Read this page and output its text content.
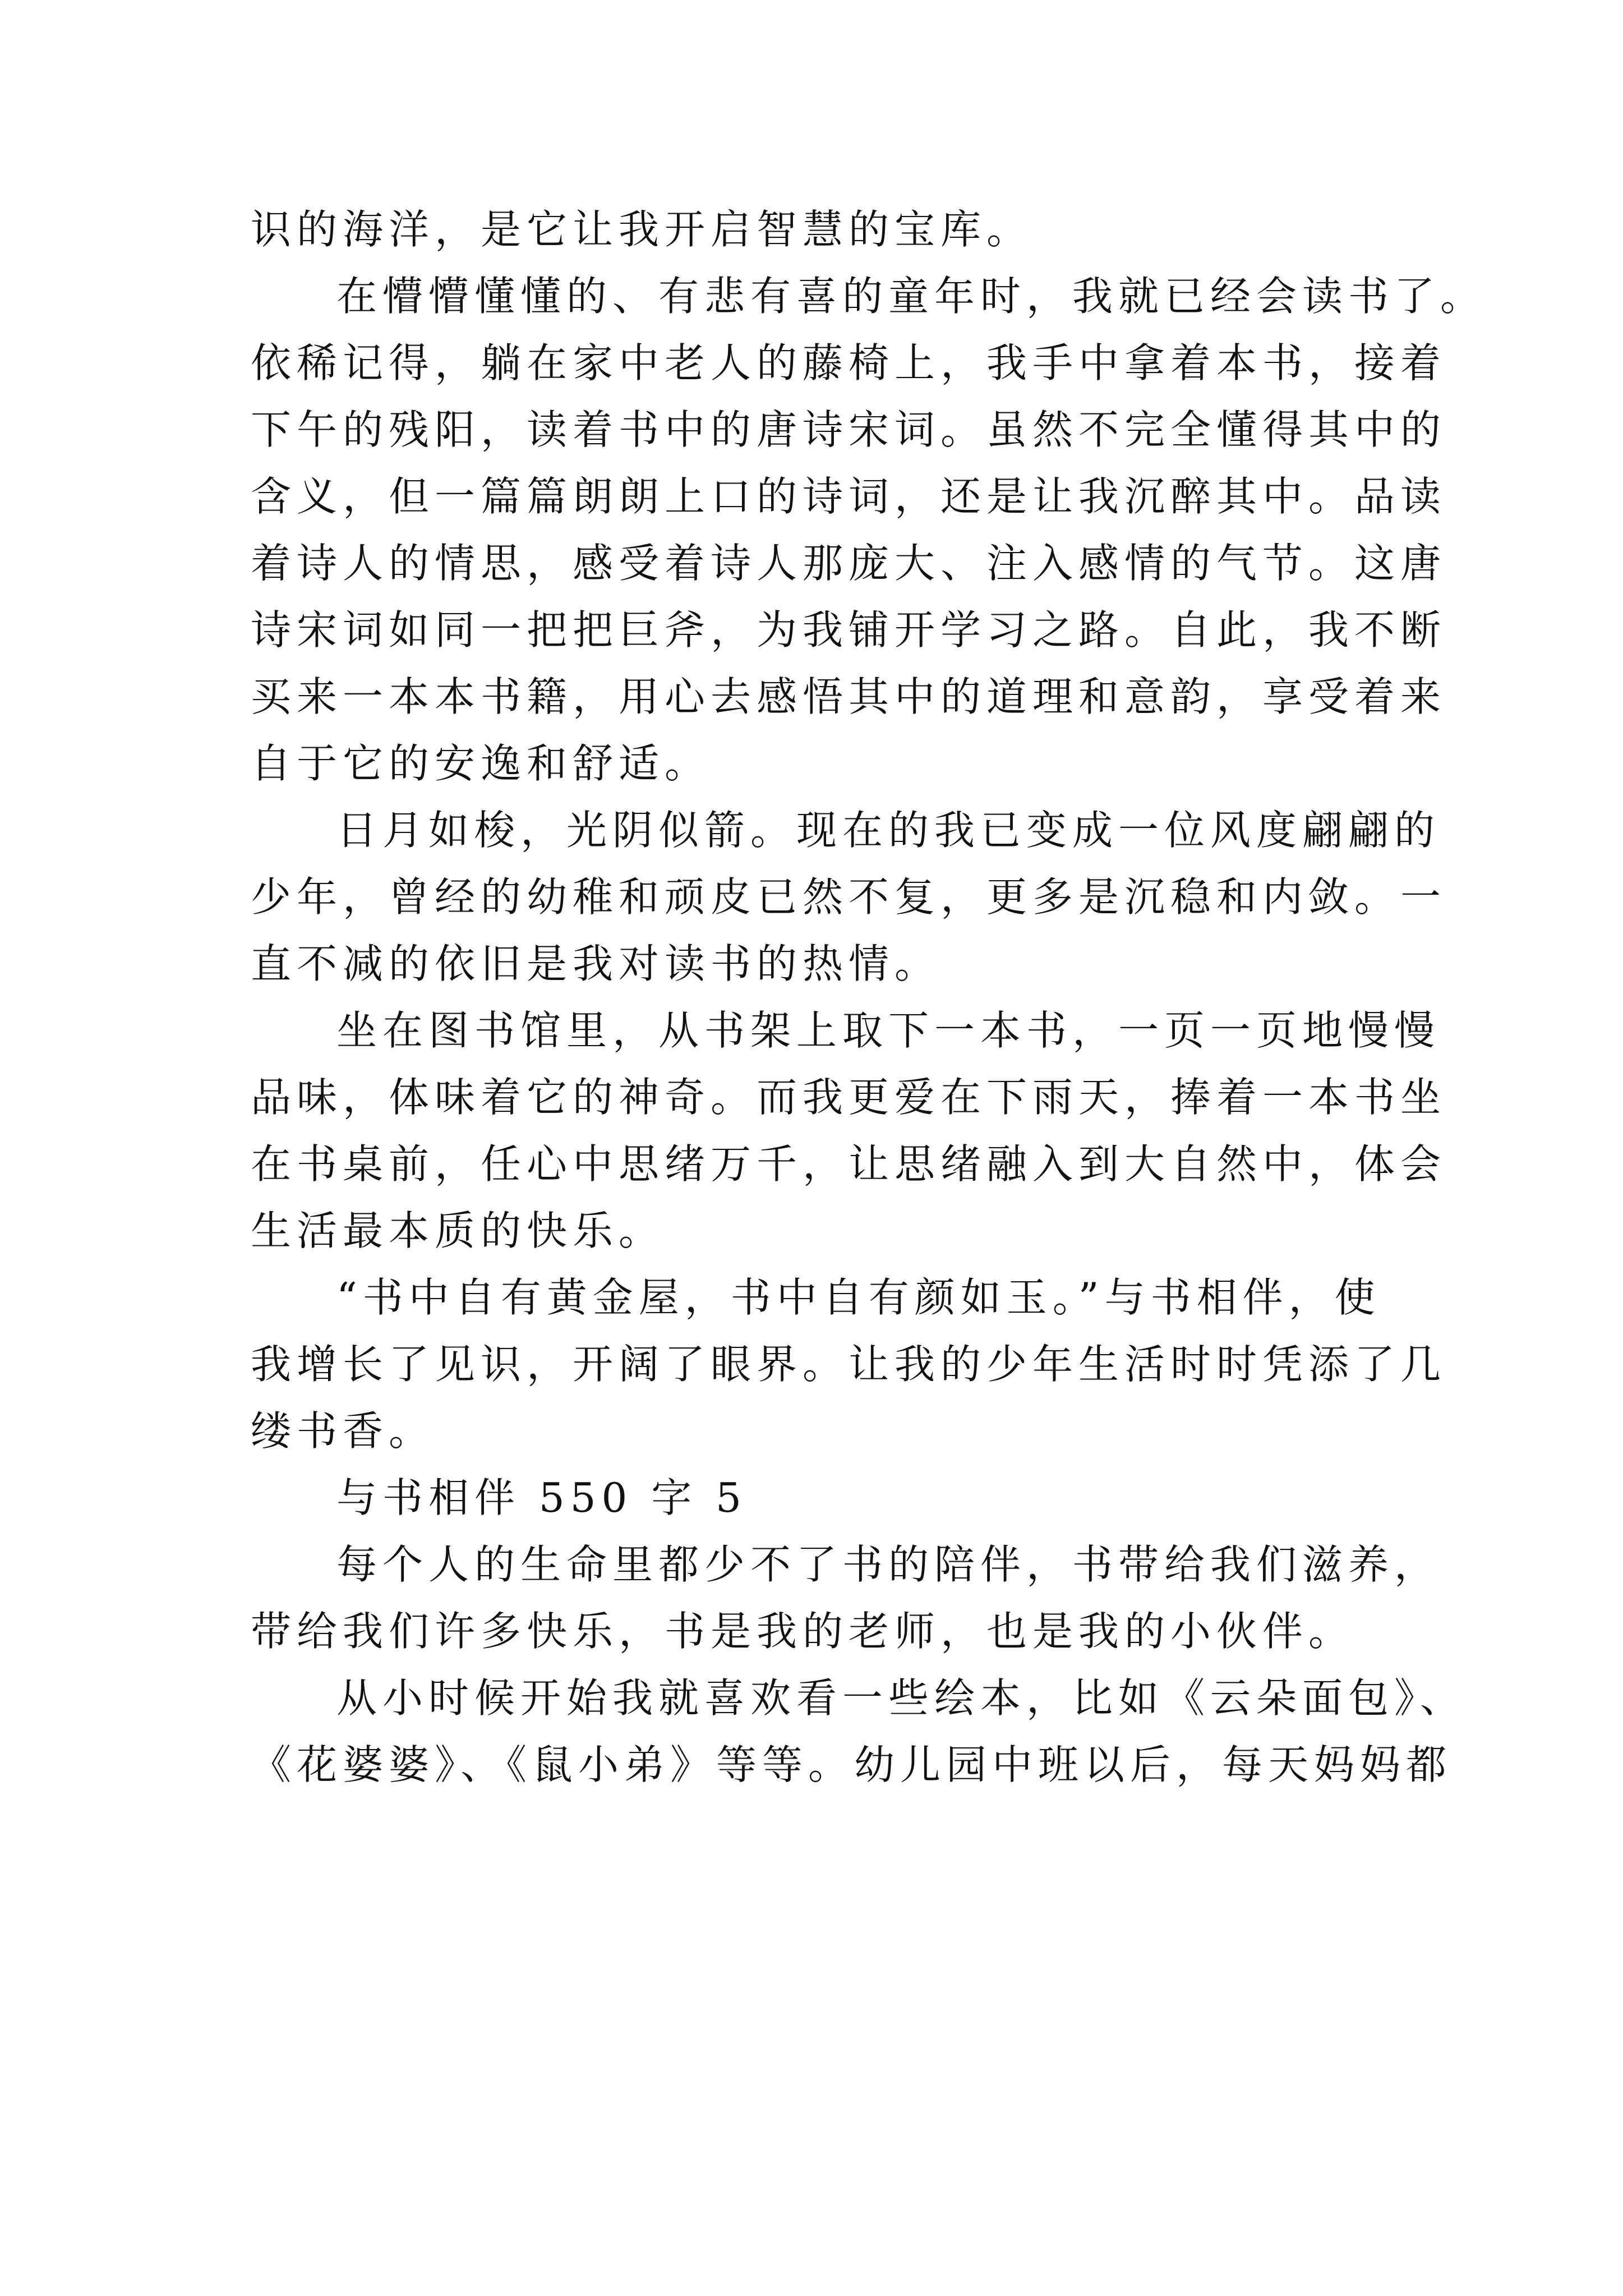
识的海洋，是它让我开启智慧的宝库。
在懵懵懂懂的、有悲有喜的童年时，我就已经会读书了。
依稀记得，躺在家中老人的藤椅上，我手中拿着本书，接着
下午的残阳，读着书中的唐诗宋词。虽然不完全懂得其中的
含义，但一篇篇朗朗上口的诗词，还是让我沉醉其中。品读
着诗人的情思，感受着诗人那庞大、注入感情的气节。这唐
诗宋词如同一把把巨斧，为我铺开学习之路。自此，我不断
买来一本本书籍，用心去感悟其中的道理和意韵，享受着来
自于它的安逸和舒适。
日月如梭，光阴似箭。现在的我已变成一位风度翩翩的
少年，曾经的幼稚和顽皮已然不复，更多是沉稳和内敛。一
直不减的依旧是我对读书的热情。
坐在图书馆里，从书架上取下一本书，一页一页地慢慢
品味，体味着它的神奇。而我更爱在下雨天，捧着一本书坐
在书桌前，任心中思绪万千，让思绪融入到大自然中，体会
生活最本质的快乐。
“书中自有黄金屋，书中自有颜如玉。”与书相伴，使
我增长了见识，开阔了眼界。让我的少年生活时时凭添了几
缕书香。
与书相伴 550 字 5
每个人的生命里都少不了书的陪伴，书带给我们滋养，
带给我们许多快乐，书是我的老师，也是我的小伙伴。
从小时候开始我就喜欢看一些绘本，比如《云朵面包》、
《花婆婆》、《鼠小弟》等等。幼儿园中班以后，每天妈妈都
